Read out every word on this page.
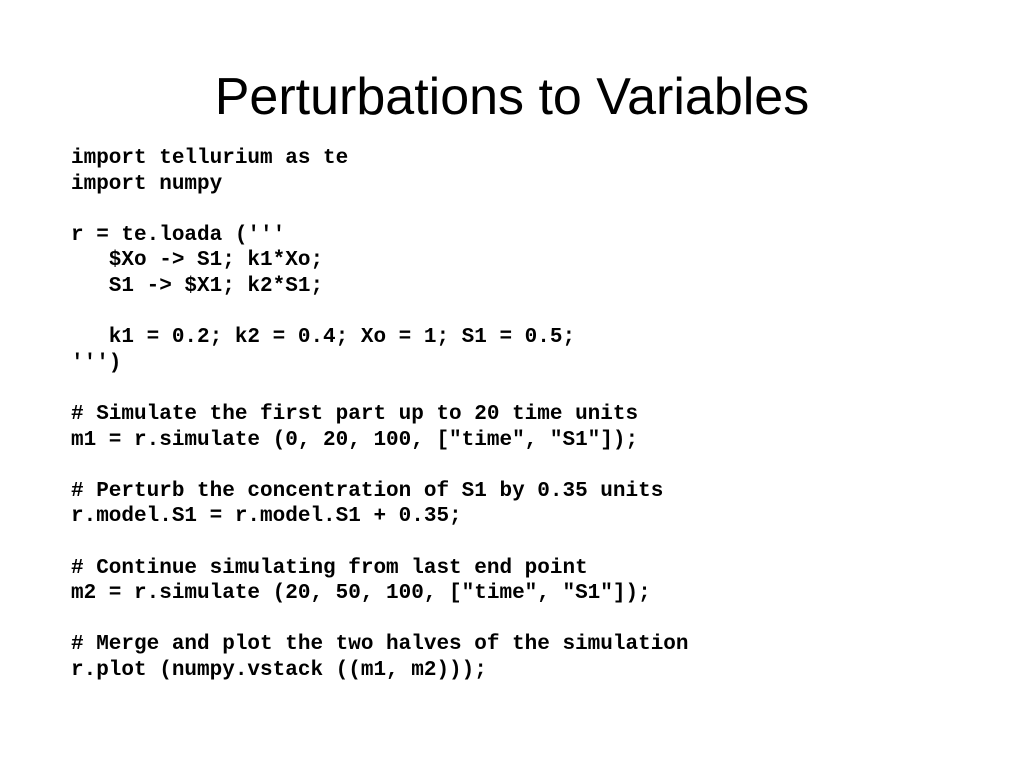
Perturbations to Variables
import tellurium as te
import numpy
r = te.loada ('''
$Xo -> S1; k1*Xo;
S1 -> $X1; k2*S1;
k1 = 0.2; k2 = 0.4; Xo = 1; S1 = 0.5;
''')
# Simulate the first part up to 20 time units
m1 = r.simulate (0, 20, 100, ["time", "S1"]);
# Perturb the concentration of S1 by 0.35 units
r.model.S1 = r.model.S1 + 0.35;
# Continue simulating from last end point
m2 = r.simulate (20, 50, 100, ["time", "S1"]);
# Merge and plot the two halves of the simulation
r.plot (numpy.vstack ((m1, m2)));
